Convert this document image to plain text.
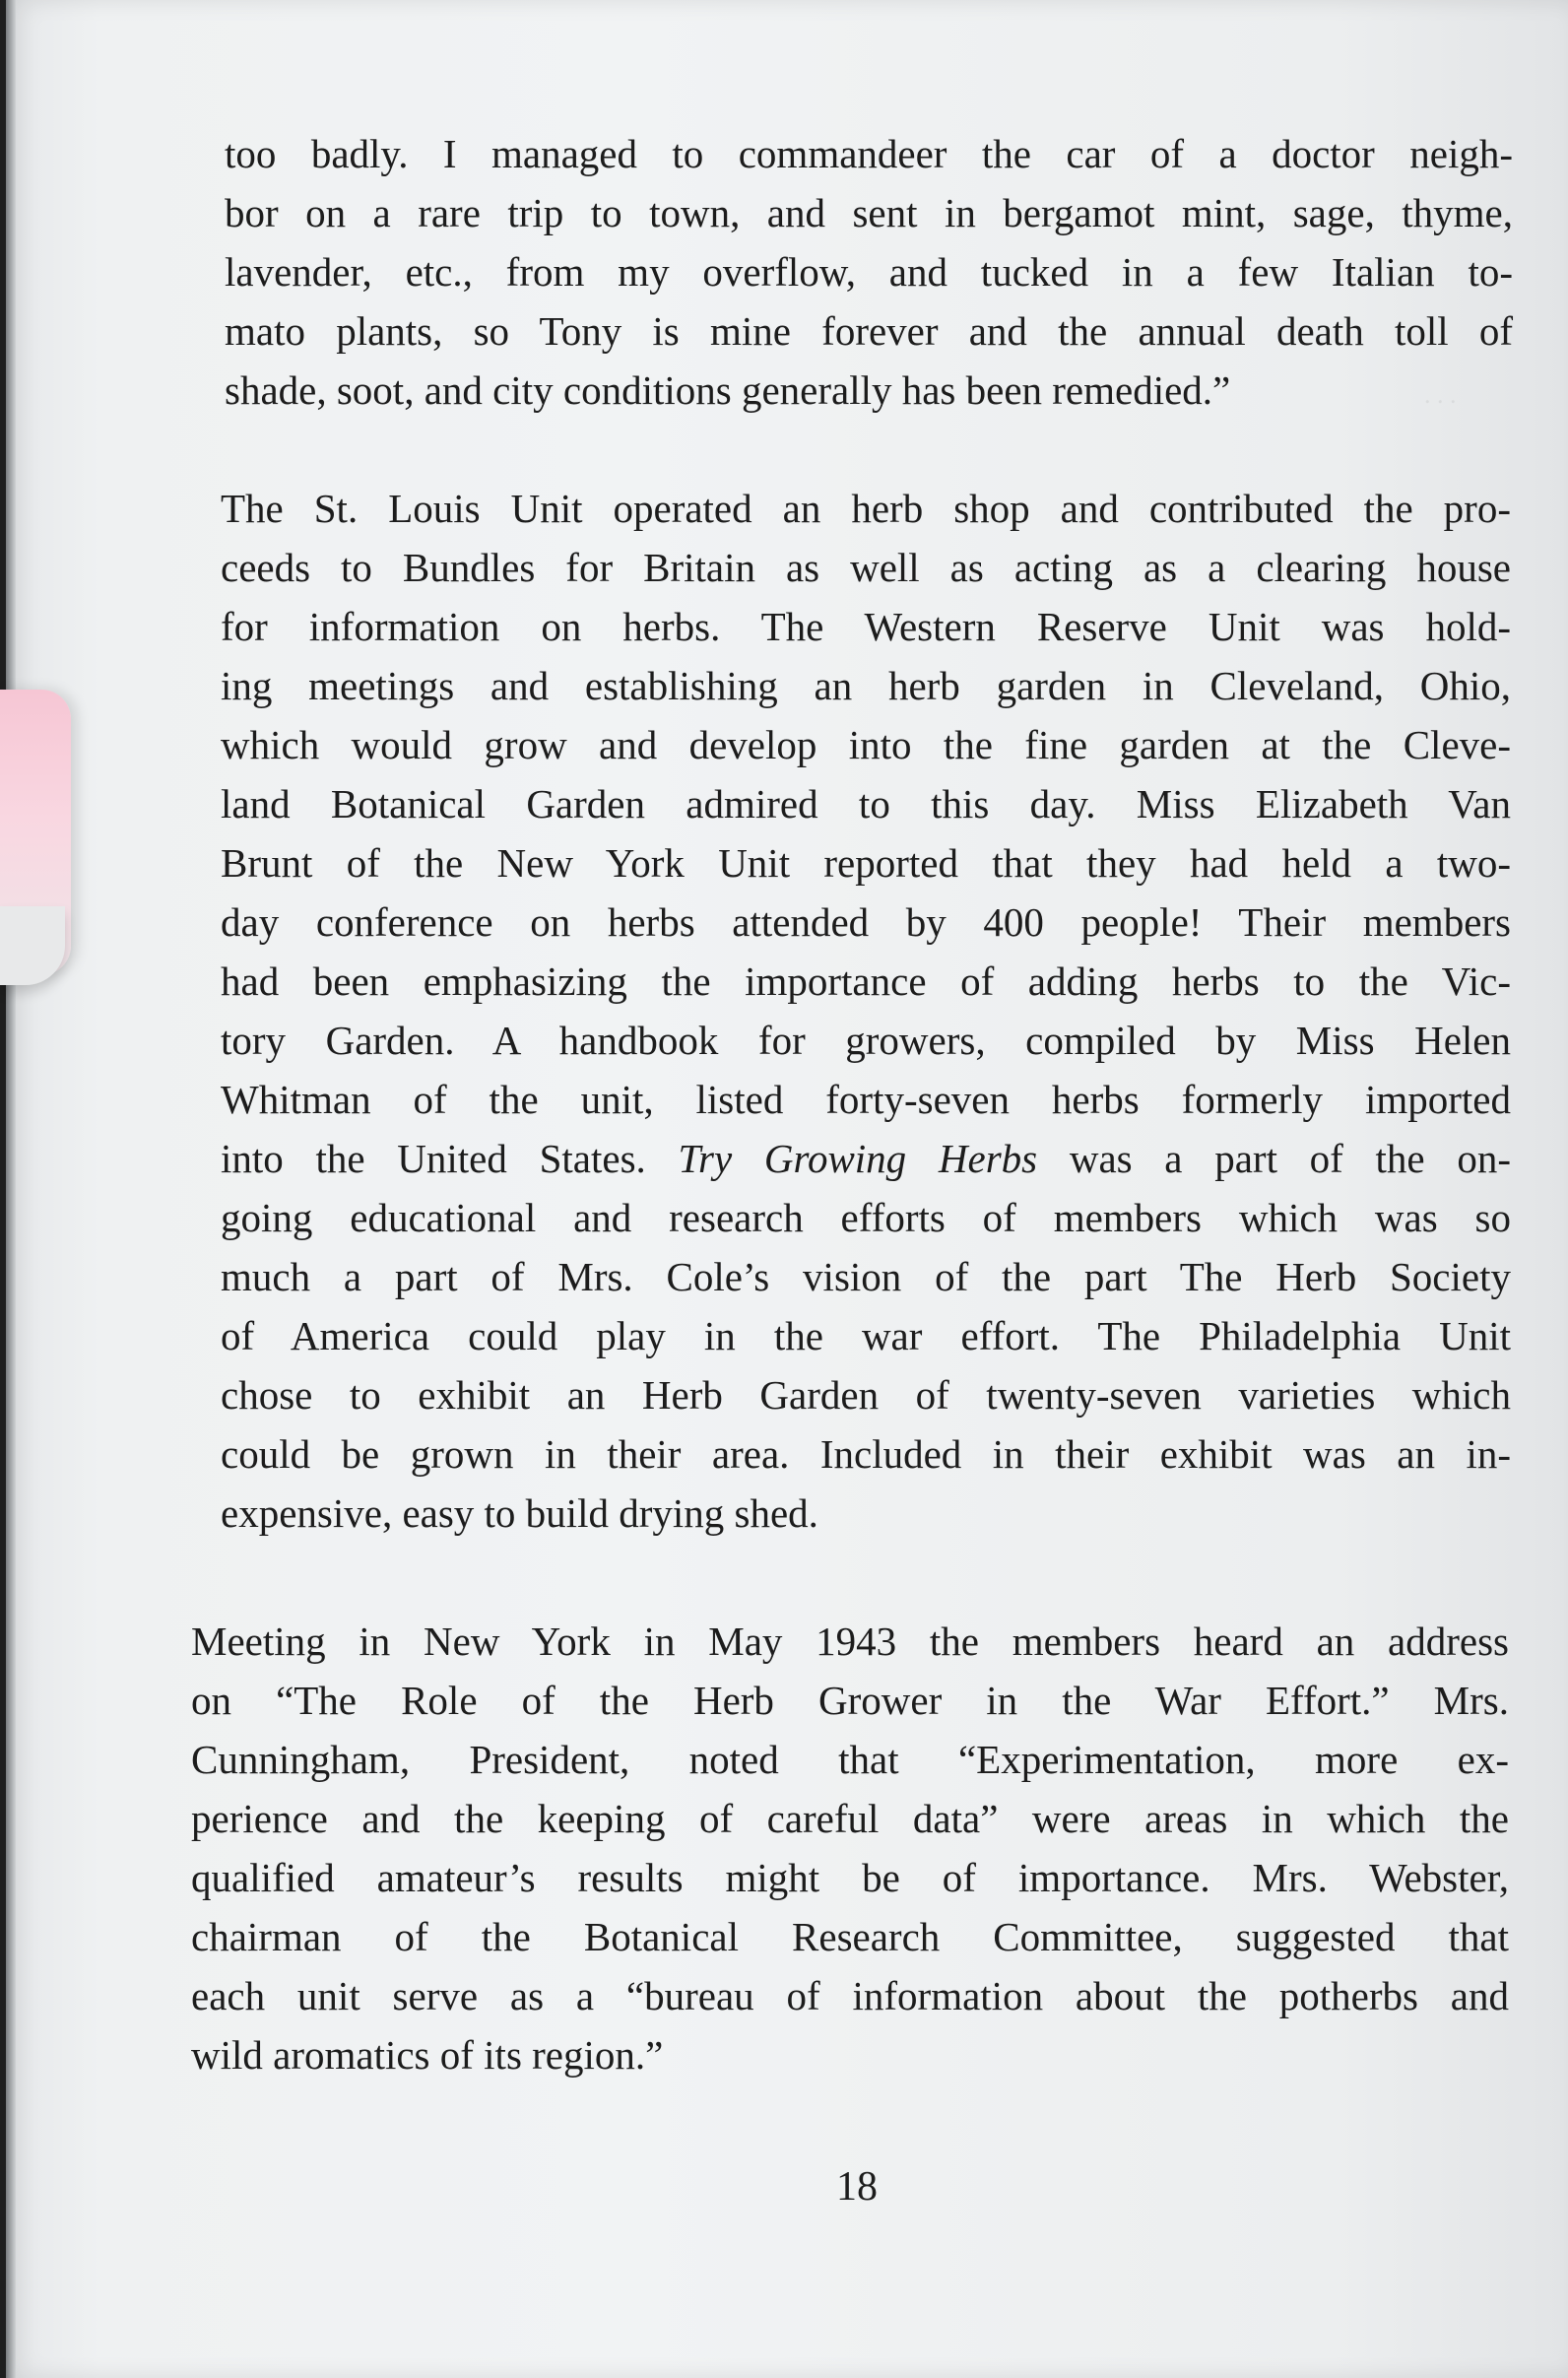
. . .
too badly. I managed to commandeer the car of a doctor neigh-
bor on a rare trip to town, and sent in bergamot mint, sage, thyme,
lavender, etc., from my overflow, and tucked in a few Italian to-
mato plants, so Tony is mine forever and the annual death toll of
shade, soot, and city conditions generally has been remedied.”
The St. Louis Unit operated an herb shop and contributed the pro-
ceeds to Bundles for Britain as well as acting as a clearing house
for information on herbs. The Western Reserve Unit was hold-
ing meetings and establishing an herb garden in Cleveland, Ohio,
which would grow and develop into the fine garden at the Cleve-
land Botanical Garden admired to this day. Miss Elizabeth Van
Brunt of the New York Unit reported that they had held a two-
day conference on herbs attended by 400 people! Their members
had been emphasizing the importance of adding herbs to the Vic-
tory Garden. A handbook for growers, compiled by Miss Helen
Whitman of the unit, listed forty-seven herbs formerly imported
into the United States. Try Growing Herbs was a part of the on-
going educational and research efforts of members which was so
much a part of Mrs. Cole’s vision of the part The Herb Society
of America could play in the war effort. The Philadelphia Unit
chose to exhibit an Herb Garden of twenty-seven varieties which
could be grown in their area. Included in their exhibit was an in-
expensive, easy to build drying shed.
Meeting in New York in May 1943 the members heard an address
on “The Role of the Herb Grower in the War Effort.” Mrs.
Cunningham, President, noted that “Experimentation, more ex-
perience and the keeping of careful data” were areas in which the
qualified amateur’s results might be of importance. Mrs. Webster,
chairman of the Botanical Research Committee, suggested that
each unit serve as a “bureau of information about the potherbs and
wild aromatics of its region.”
18
